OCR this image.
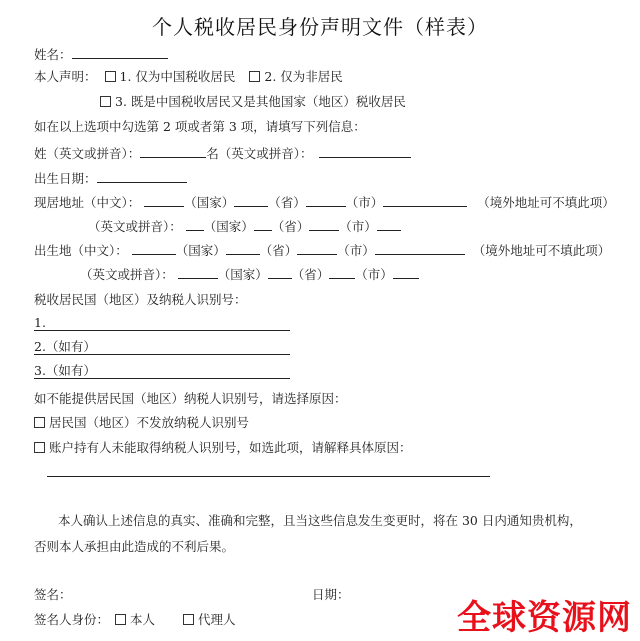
个人税收居民身份声明文件（样表）
姓名：
本人声明： 1. 仅为中国税收居民 2. 仅为非居民
3. 既是中国税收居民又是其他国家（地区）税收居民
如在以上选项中勾选第 2 项或者第 3 项，请填写下列信息：
姓（英文或拼音）：	名（英文或拼音）：
出生日期：
现居地址（中文）：	（国家）	（省）	（市）	（境外地址可不填此项）
（英文或拼音）： （国家） （省） （市）
出生地（中文）：	（国家）	（省）	（市）	（境外地址可不填此项）
（英文或拼音）：	（国家） （省） （市）
税收居民国（地区）及纳税人识别号：
1.
2.（如有）
3.（如有）
如不能提供居民国（地区）纳税人识别号，请选择原因：
居民国（地区）不发放纳税人识别号
账户持有人未能取得纳税人识别号，如选此项，请解释具体原因：
本人确认上述信息的真实、准确和完整，且当这些信息发生变更时，将在 30 日内通知贵机构，
否则本人承担由此造成的不利后果。
签名：	日期：
签名人身份： 本人	代理人	全球资源网
